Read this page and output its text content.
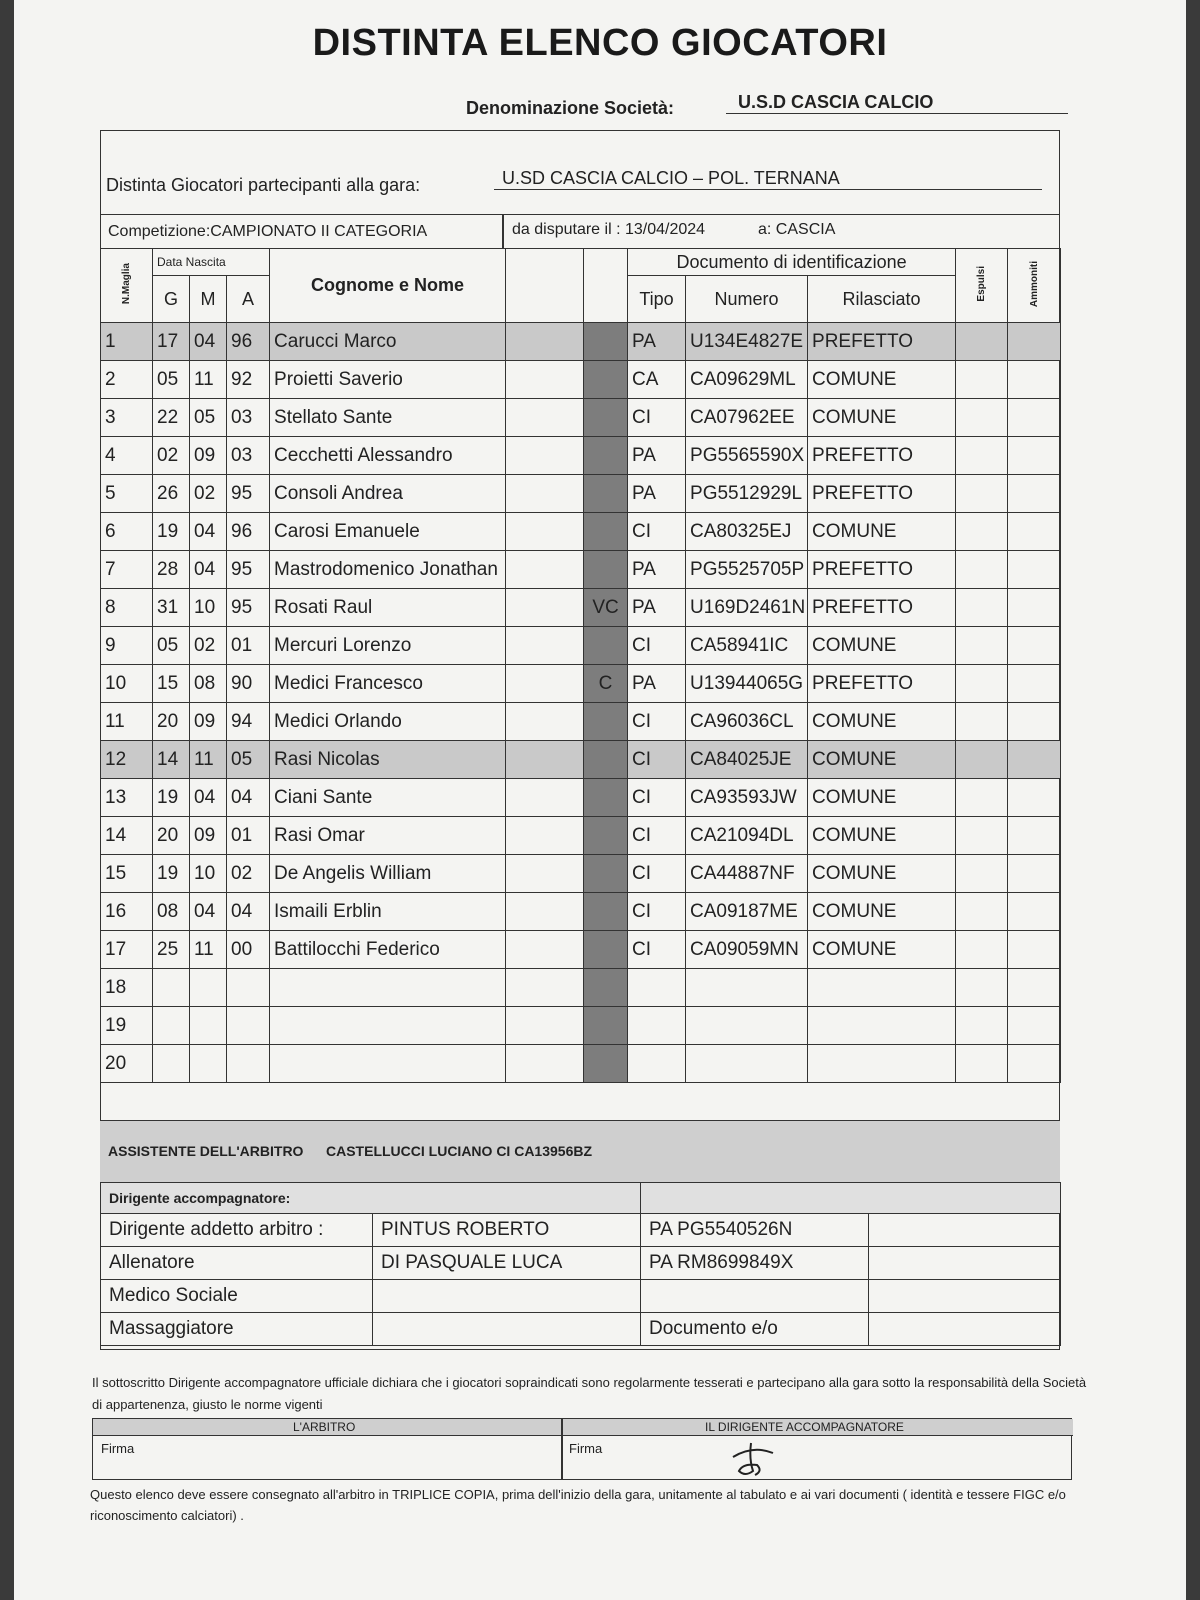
DISTINTA ELENCO GIOCATORI
Denominazione Società:	U.S.D CASCIA CALCIO
Distinta Giocatori partecipanti alla gara:	U.SD CASCIA CALCIO – POL. TERNANA
Competizione:CAMPIONATO II CATEGORIA	da disputare il : 13/04/2024	a: CASCIA
N.Maglia	Data Nascita			Cognome e Nome			Documento di identificazione			Espulsi	Ammoniti
	G	M	A				Tipo	Numero	Rilasciato		
1	17	04	96	Carucci Marco			PA	U134E4827E	PREFETTO		
2	05	11	92	Proietti Saverio			CA	CA09629ML	COMUNE		
3	22	05	03	Stellato Sante			CI	CA07962EE	COMUNE		
4	02	09	03	Cecchetti Alessandro			PA	PG5565590X	PREFETTO		
5	26	02	95	Consoli Andrea			PA	PG5512929L	PREFETTO		
6	19	04	96	Carosi Emanuele			CI	CA80325EJ	COMUNE		
7	28	04	95	Mastrodomenico Jonathan			PA	PG5525705P	PREFETTO		
8	31	10	95	Rosati Raul		VC	PA	U169D2461N	PREFETTO		
9	05	02	01	Mercuri Lorenzo			CI	CA58941IC	COMUNE		
10	15	08	90	Medici Francesco		C	PA	U13944065G	PREFETTO		
11	20	09	94	Medici Orlando			CI	CA96036CL	COMUNE		
12	14	11	05	Rasi Nicolas			CI	CA84025JE	COMUNE		
13	19	04	04	Ciani Sante			CI	CA93593JW	COMUNE		
14	20	09	01	Rasi Omar			CI	CA21094DL	COMUNE		
15	19	10	02	De Angelis William			CI	CA44887NF	COMUNE		
16	08	04	04	Ismaili Erblin			CI	CA09187ME	COMUNE		
17	25	11	00	Battilocchi Federico			CI	CA09059MN	COMUNE		
18											
19											
20											
ASSISTENTE DELL'ARBITRO CASTELLUCCI LUCIANO CI CA13956BZ
Dirigente accompagnatore:			
Dirigente addetto arbitro :	PINTUS ROBERTO	PA PG5540526N	
Allenatore	DI PASQUALE LUCA	PA RM8699849X	
Medico Sociale			
Massaggiatore		Documento e/o	
Il sottoscritto Dirigente accompagnatore ufficiale dichiara che i giocatori sopraindicati sono regolarmente tesserati e partecipano alla gara sotto la responsabilità della Società di appartenenza, giusto le norme vigenti
L'ARBITRO	IL DIRIGENTE ACCOMPAGNATORE
Firma	Firma
Questo elenco deve essere consegnato all'arbitro in TRIPLICE COPIA, prima dell'inizio della gara, unitamente al tabulato e ai vari documenti ( identità e tessere FIGC e/o riconoscimento calciatori) .
